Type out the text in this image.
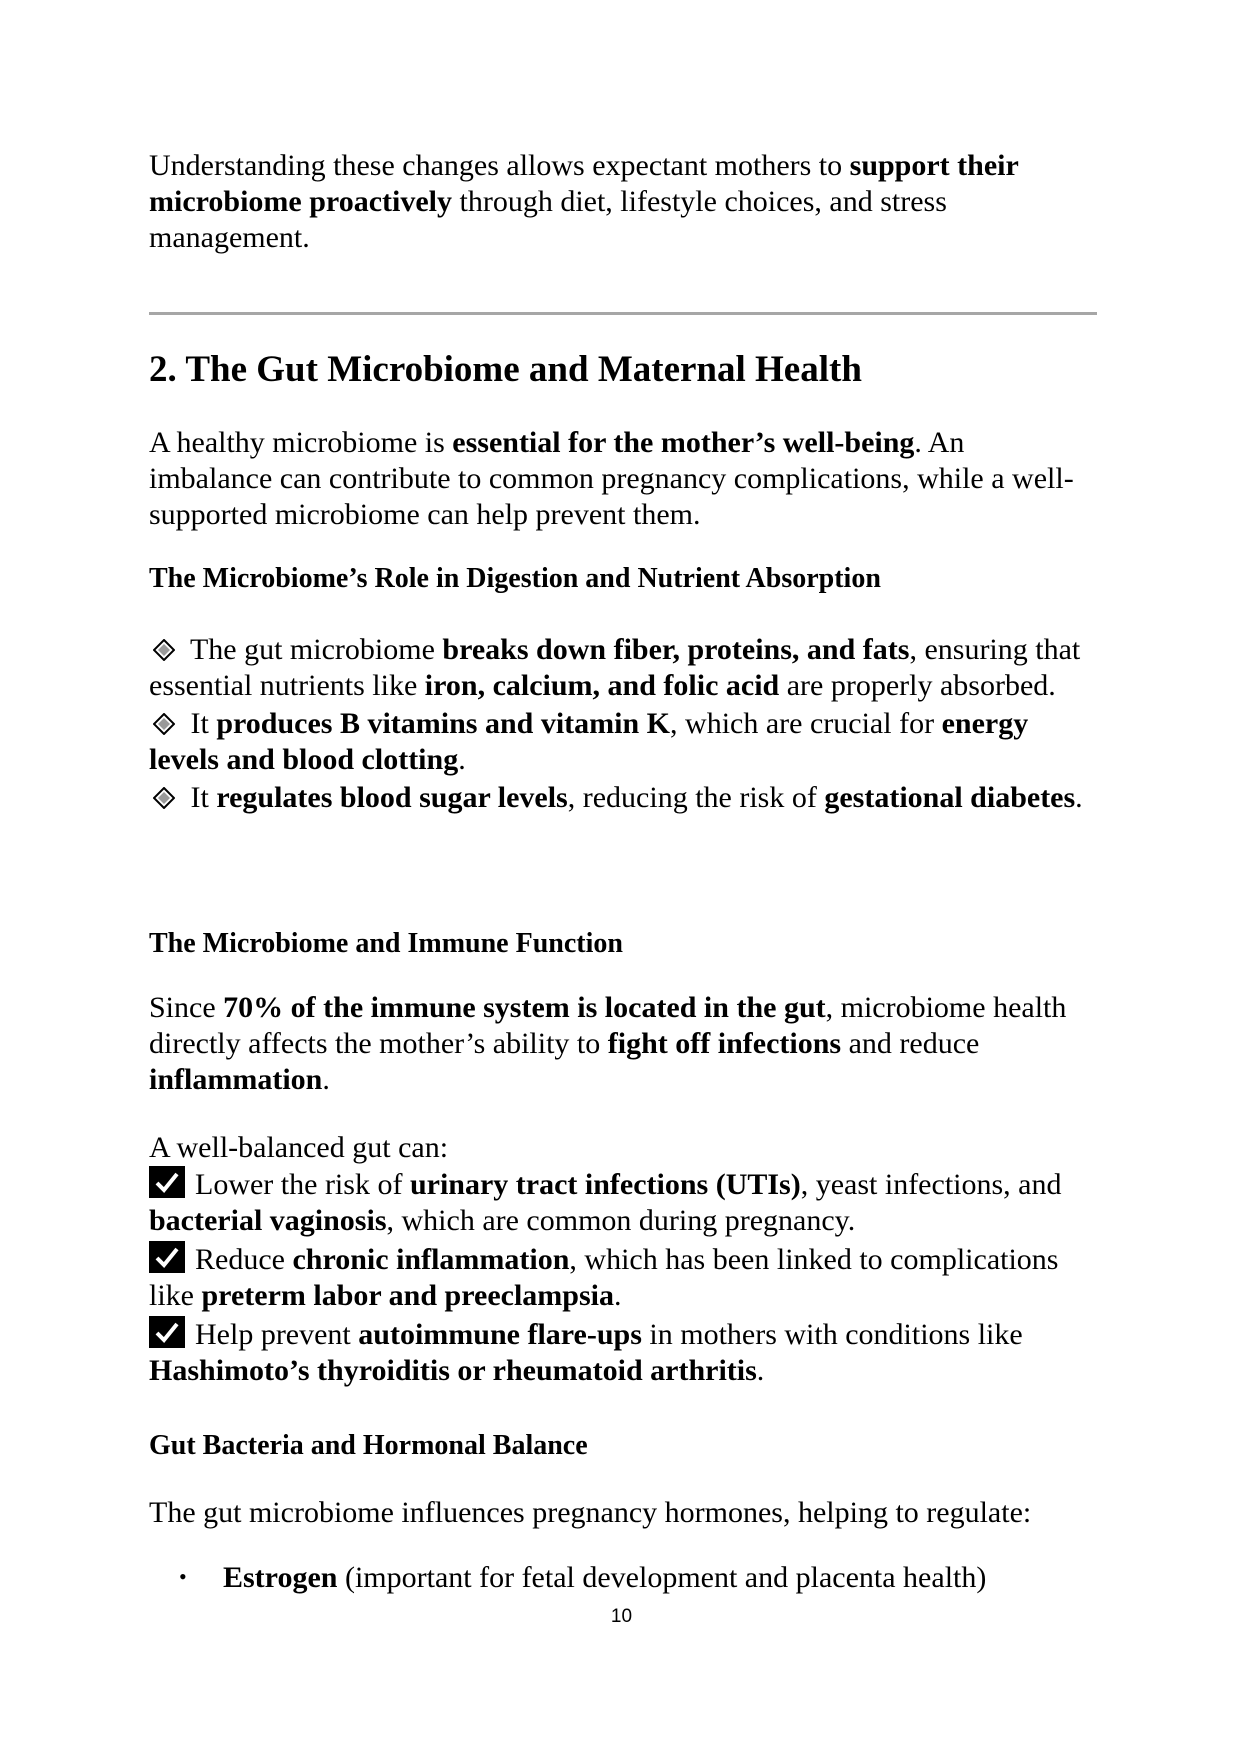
Understanding these changes allows expectant mothers to support their microbiome proactively through diet, lifestyle choices, and stress management.

2. The Gut Microbiome and Maternal Health

A healthy microbiome is essential for the mother’s well-being. An imbalance can contribute to common pregnancy complications, while a well-supported microbiome can help prevent them.

The Microbiome’s Role in Digestion and Nutrient Absorption

The gut microbiome breaks down fiber, proteins, and fats, ensuring that essential nutrients like iron, calcium, and folic acid are properly absorbed.

It produces B vitamins and vitamin K, which are crucial for energy levels and blood clotting.

It regulates blood sugar levels, reducing the risk of gestational diabetes.

The Microbiome and Immune Function

Since 70% of the immune system is located in the gut, microbiome health directly affects the mother’s ability to fight off infections and reduce inflammation.

A well-balanced gut can:

Lower the risk of urinary tract infections (UTIs), yeast infections, and bacterial vaginosis, which are common during pregnancy.

Reduce chronic inflammation, which has been linked to complications like preterm labor and preeclampsia.

Help prevent autoimmune flare-ups in mothers with conditions like Hashimoto’s thyroiditis or rheumatoid arthritis.

Gut Bacteria and Hormonal Balance

The gut microbiome influences pregnancy hormones, helping to regulate:

• Estrogen (important for fetal development and placenta health)

10
